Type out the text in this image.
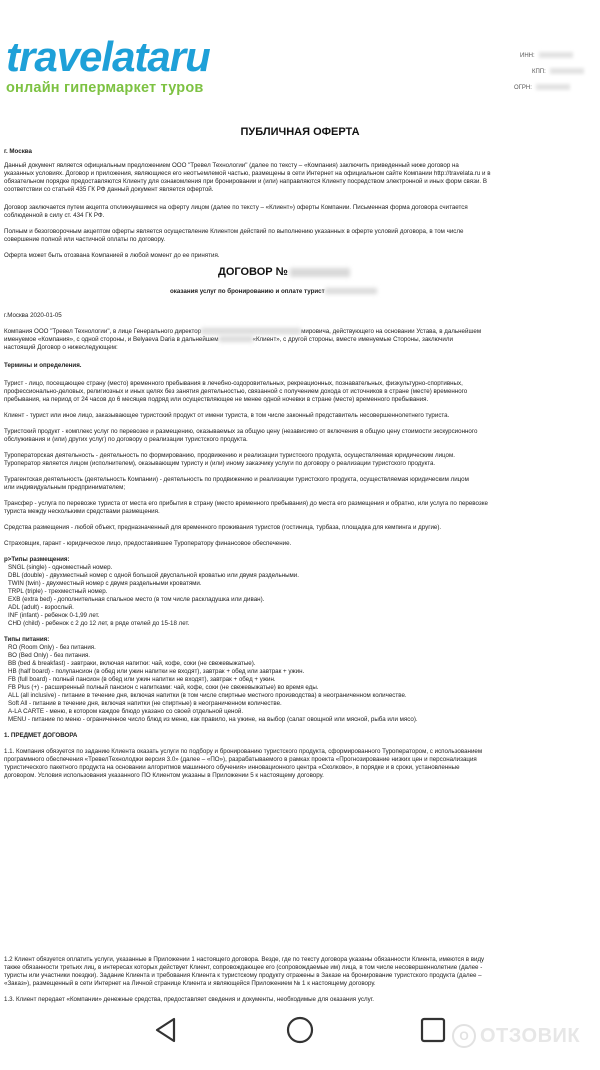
travelataru
онлайн гипермаркет туров
ИНН:
КПП:
ОГРН:
ПУБЛИЧНАЯ ОФЕРТА
г. Москва
Данный документ является официальным предложением ООО "Тревел Технологии" (далее по тексту – «Компания) заключить приведенный ниже договор на
указанных условиях. Договор и приложения, являющиеся его неотъемлемой частью, размещены в сети Интернет на официальном сайте Компании http://travelata.ru и в
обязательном порядке предоставляются Клиенту для ознакомления при бронировании и (или) направляются Клиенту посредством электронной и иных форм связи. В
соответствии со статьей 435 ГК РФ данный документ является офертой.
Договор заключается путем акцепта откликнувшимся на оферту лицом (далее по тексту – «Клиент») оферты Компании. Письменная форма договора считается
соблюденной в силу ст. 434 ГК РФ.
Полным и безоговорочным акцептом оферты является осуществление Клиентом действий по выполнению указанных в оферте условий договора, в том числе
совершение полной или частичной оплаты по договору.
Оферта может быть отозвана Компанией в любой момент до ее принятия.
ДОГОВОР №
оказания услуг по бронированию и оплате турист
г.Москва 2020-01-05
Компания ООО "Тревел Технологии", в лице Генерального директор	мировича, действующего на основании Устава, в дальнейшем
именуемое «Компания», с одной стороны, и Belyaeva Daria в дальнейшем	«Клиент», с другой стороны, вместе именуемые Стороны, заключили
настоящий Договор о нижеследующем:
Термины и определения.
Турист - лицо, посещающее страну (место) временного пребывания в лечебно-оздоровительных, рекреационных, познавательных, физкультурно-спортивных,
профессионально-деловых, религиозных и иных целях без занятия деятельностью, связанной с получением дохода от источников в стране (месте) временного
пребывания, на период от 24 часов до 6 месяцев подряд или осуществляющее не менее одной ночевки в стране (месте) временного пребывания.
Клиент - турист или иное лицо, заказывающее туристский продукт от имени туриста, в том числе законный представитель несовершеннолетнего туриста.
Туристский продукт - комплекс услуг по перевозке и размещению, оказываемых за общую цену (независимо от включения в общую цену стоимости экскурсионного
обслуживания и (или) других услуг) по договору о реализации туристского продукта.
Туроператорская деятельность - деятельность по формированию, продвижению и реализации туристского продукта, осуществляемая юридическим лицом.
Туроператор является лицом (исполнителем), оказывающим туристу и (или) иному заказчику услуги по договору о реализации туристского продукта.
Турагентская деятельность (деятельность Компании) - деятельность по продвижению и реализации туристского продукта, осуществляемая юридическим лицом
или индивидуальным предпринимателем;
Трансфер - услуга по перевозке туриста от места его прибытия в страну (место временного пребывания) до места его размещения и обратно, или услуга по перевозке
туриста между несколькими средствами размещения.
Средства размещения - любой объект, предназначенный для временного проживания туристов (гостиница, турбаза, площадка для кемпинга и другие).
Страховщик, гарант - юридическое лицо, предоставившее Туроператору финансовое обеспечение.
p>Типы размещения:
SNGL (single) - одноместный номер.
DBL (double) - двухместный номер с одной большой двуспальной кроватью или двумя раздельными.
TWIN (twin) - двухместный номер с двумя раздельными кроватями.
TRPL (triple) - трехместный номер.
EXB (extra bed) - дополнительная спальное место (в том числе раскладушка или диван).
ADL (adult) - взрослый.
INF (infant) - ребенок 0-1,99 лет.
CHD (child) - ребенок с 2 до 12 лет, в ряде отелей до 15-18 лет.
Типы питания:
RO (Room Only) - без питания.
BO (Bed Only) - без питания.
BB (bed & breakfast) - завтраки, включая напитки: чай, кофе, соки (не свежевыжатые).
HB (half board) - полупансион (в обед или ужин напитки не входят), завтрак + обед или завтрак + ужин.
FB (full board) - полный пансион (в обед или ужин напитки не входят), завтрак + обед + ужин.
FB Plus (+) - расширенный полный пансион с напитками: чай, кофе, соки (не свежевыжатые) во время еды.
ALL (all inclusive) - питание в течение дня, включая напитки (в том числе спиртные местного производства) в неограниченном количестве.
Soft All - питание в течение дня, включая напитки (не спиртные) в неограниченном количестве.
A-LA CARTE - меню, в котором каждое блюдо указано со своей отдельной ценой.
MENU - питание по меню - ограниченное число блюд из меню, как правило, на ужине, на выбор (салат овощной или мясной, рыба или мясо).
1. ПРЕДМЕТ ДОГОВОРА
1.1. Компания обязуется по заданию Клиента оказать услуги по подбору и бронированию туристского продукта, сформированного Туроператором, с использованием
программного обеспечения «ТревелТехнолоджи версия 3.0» (далее – «ПО»), разрабатываемого в рамках проекта «Прогнозирование низких цен и персонализация
туристического пакетного продукта на основании алгоритмов машинного обучения» инновационного центра «Сколково», в порядке и в сроки, установленные
договором. Условия использования указанного ПО Клиентом указаны в Приложении 5 к настоящему договору.
1.2 Клиент обязуется оплатить услуги, указанные в Приложении 1 настоящего договора. Везде, где по тексту договора указаны обязанности Клиента, имеются в виду
также обязанности третьих лиц, в интересах которых действует Клиент, сопровождающее его (сопровождаемые им) лица, в том числе несовершеннолетние (далее -
туристы или участники поездки). Задание Клиента и требования Клиента к туристскому продукту отражены в Заказе на бронирование туристского продукта (далее –
«Заказ»), размещенный в сети Интернет на Личной странице Клиента и являющейся Приложением № 1 к настоящему договору.
1.3. Клиент передает «Компании» денежные средства, предоставляет сведения и документы, необходимые для оказания услуг.
О ОТЗОВИК
